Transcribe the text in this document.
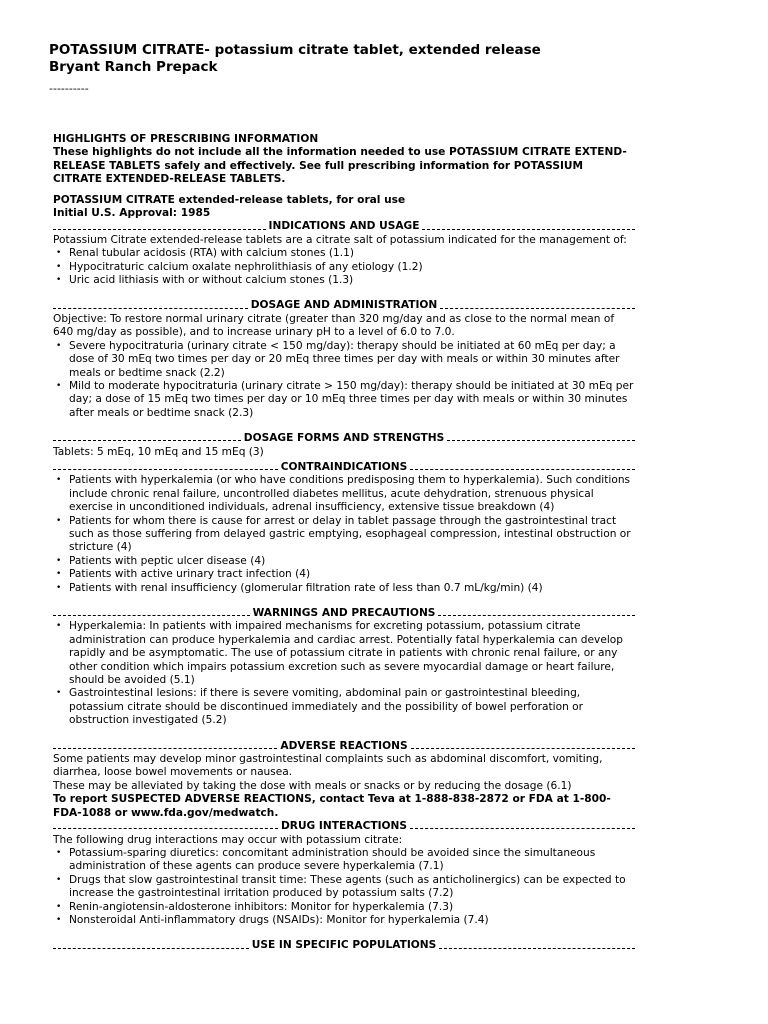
POTASSIUM CITRATE- potassium citrate tablet, extended release
Bryant Ranch Prepack
----------
HIGHLIGHTS OF PRESCRIBING INFORMATION
These highlights do not include all the information needed to use POTASSIUM CITRATE EXTEND-RELEASE TABLETS safely and effectively. See full prescribing information for POTASSIUM CITRATE EXTENDED-RELEASE TABLETS.
POTASSIUM CITRATE extended-release tablets, for oral use
Initial U.S. Approval: 1985
INDICATIONS AND USAGE

Potassium Citrate extended-release tablets are a citrate salt of potassium indicated for the management of:

• Renal tubular acidosis (RTA) with calcium stones (1.1)
• Hypocitraturic calcium oxalate nephrolithiasis of any etiology (1.2)
• Uric acid lithiasis with or without calcium stones (1.3)
DOSAGE AND ADMINISTRATION

Objective: To restore normal urinary citrate (greater than 320 mg/day and as close to the normal mean of 640 mg/day as possible), and to increase urinary pH to a level of 6.0 to 7.0.

• Severe hypocitraturia (urinary citrate < 150 mg/day): therapy should be initiated at 60 mEq per day; a dose of 30 mEq two times per day or 20 mEq three times per day with meals or within 30 minutes after meals or bedtime snack (2.2)
• Mild to moderate hypocitraturia (urinary citrate > 150 mg/day): therapy should be initiated at 30 mEq per day; a dose of 15 mEq two times per day or 10 mEq three times per day with meals or within 30 minutes after meals or bedtime snack (2.3)
DOSAGE FORMS AND STRENGTHS

Tablets: 5 mEq, 10 mEq and 15 mEq (3)

CONTRAINDICATIONS
• Patients with hyperkalemia (or who have conditions predisposing them to hyperkalemia). Such conditions include chronic renal failure, uncontrolled diabetes mellitus, acute dehydration, strenuous physical exercise in unconditioned individuals, adrenal insufficiency, extensive tissue breakdown (4)
• Patients for whom there is cause for arrest or delay in tablet passage through the gastrointestinal tract such as those suffering from delayed gastric emptying, esophageal compression, intestinal obstruction or stricture (4)
• Patients with peptic ulcer disease (4)
• Patients with active urinary tract infection (4)
• Patients with renal insufficiency (glomerular filtration rate of less than 0.7 mL/kg/min) (4)
WARNINGS AND PRECAUTIONS
• Hyperkalemia: In patients with impaired mechanisms for excreting potassium, potassium citrate administration can produce hyperkalemia and cardiac arrest. Potentially fatal hyperkalemia can develop rapidly and be asymptomatic. The use of potassium citrate in patients with chronic renal failure, or any other condition which impairs potassium excretion such as severe myocardial damage or heart failure, should be avoided (5.1)
• Gastrointestinal lesions: if there is severe vomiting, abdominal pain or gastrointestinal bleeding, potassium citrate should be discontinued immediately and the possibility of bowel perforation or obstruction investigated (5.2)
ADVERSE REACTIONS

Some patients may develop minor gastrointestinal complaints such as abdominal discomfort, vomiting, diarrhea, loose bowel movements or nausea.

These may be alleviated by taking the dose with meals or snacks or by reducing the dosage (6.1)

To report SUSPECTED ADVERSE REACTIONS, contact Teva at 1-888-838-2872 or FDA at 1-800-FDA-1088 or www.fda.gov/medwatch.

DRUG INTERACTIONS

The following drug interactions may occur with potassium citrate:

• Potassium-sparing diuretics: concomitant administration should be avoided since the simultaneous administration of these agents can produce severe hyperkalemia (7.1)
• Drugs that slow gastrointestinal transit time: These agents (such as anticholinergics) can be expected to increase the gastrointestinal irritation produced by potassium salts (7.2)
• Renin-angiotensin-aldosterone inhibitors: Monitor for hyperkalemia (7.3)
• Nonsteroidal Anti-inflammatory drugs (NSAIDs): Monitor for hyperkalemia (7.4)
USE IN SPECIFIC POPULATIONS
